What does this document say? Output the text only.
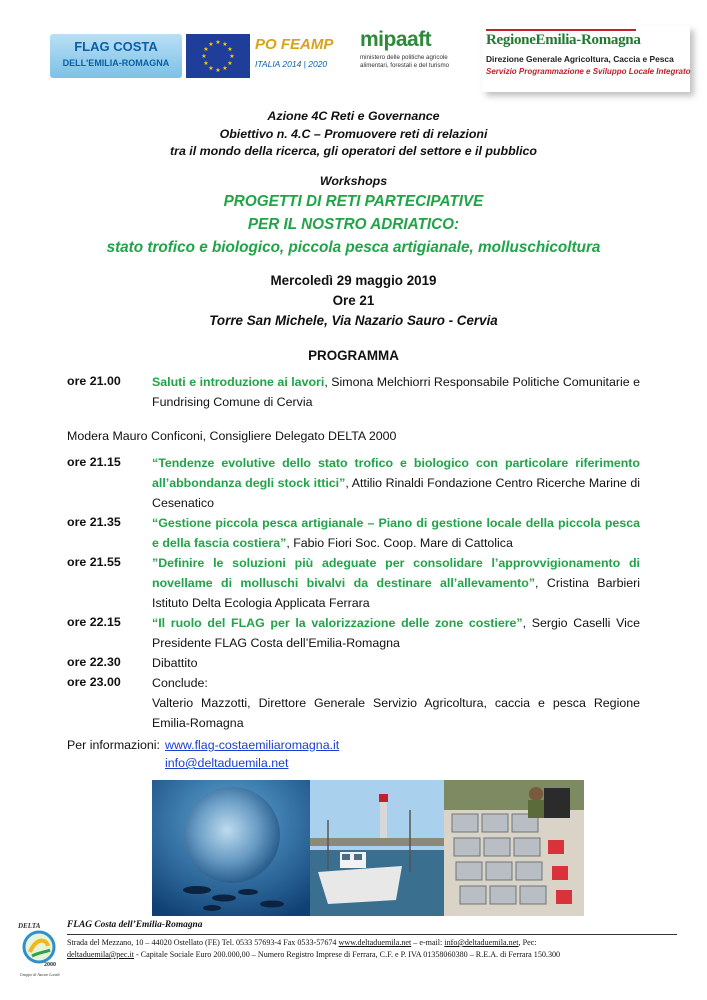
FLAG COSTA
DELL'EMILIA-ROMAGNA
★ ★
★
★
★
★
★
★
★
★
★
★	PO FEAMP
ITALIA 2014 | 2020
mipaaft
ministero delle politiche agricole
alimentari, forestali e del turismo
RegioneEmilia-Romagna
Direzione Generale Agricoltura, Caccia e Pesca
Servizio Programmazione e Sviluppo Locale Integrato
Azione 4C Reti e Governance
Obiettivo n. 4.C – Promuovere reti di relazioni
tra il mondo della ricerca, gli operatori del settore e il pubblico
Workshops
PROGETTI DI RETI PARTECIPATIVE
PER IL NOSTRO ADRIATICO:
stato trofico e biologico, piccola pesca artigianale, molluschicoltura
Mercoledì 29 maggio 2019
Ore 21
Torre San Michele, Via Nazario Sauro - Cervia
PROGRAMMA
ore 21.00	Saluti e introduzione ai lavori, Simona Melchiorri Responsabile Politiche Comunitarie e Fundrising Comune di Cervia
Modera Mauro Conficoni, Consigliere Delegato DELTA 2000
ore 21.15	“Tendenze evolutive dello stato trofico e biologico con particolare riferimento all’abbondanza degli stock ittici”, Attilio Rinaldi Fondazione Centro Ricerche Marine di Cesenatico
ore 21.35	“Gestione piccola pesca artigianale – Piano di gestione locale della piccola pesca e della fascia costiera”, Fabio Fiori Soc. Coop. Mare di Cattolica
ore 21.55	”Definire le soluzioni più adeguate per consolidare l’approvvigionamento di novellame di molluschi bivalvi da destinare all’allevamento”, Cristina Barbieri Istituto Delta Ecologia Applicata Ferrara
ore 22.15	“Il ruolo del FLAG per la valorizzazione delle zone costiere”, Sergio Caselli Vice Presidente FLAG Costa dell’Emilia-Romagna
ore 22.30	Dibattito
ore 23.00	Conclude:
Valterio Mazzotti, Direttore Generale Servizio Agricoltura, caccia e pesca Regione Emilia-Romagna
Per informazioni: www.flag-costaemiliaromagna.it
info@deltaduemila.net
DELTA
2000
Gruppo di Azione Locale
FLAG Costa dell’Emilia-Romagna
Strada del Mezzano, 10 – 44020 Ostellato (FE) Tel. 0533 57693-4 Fax 0533-57674 www.deltaduemila.net – e-mail: info@deltaduemila.net, Pec:
deltaduemila@pec.it - Capitale Sociale Euro 200.000,00 – Numero Registro Imprese di Ferrara, C.F. e P. IVA 01358060380 – R.E.A. di Ferrara 150.300
